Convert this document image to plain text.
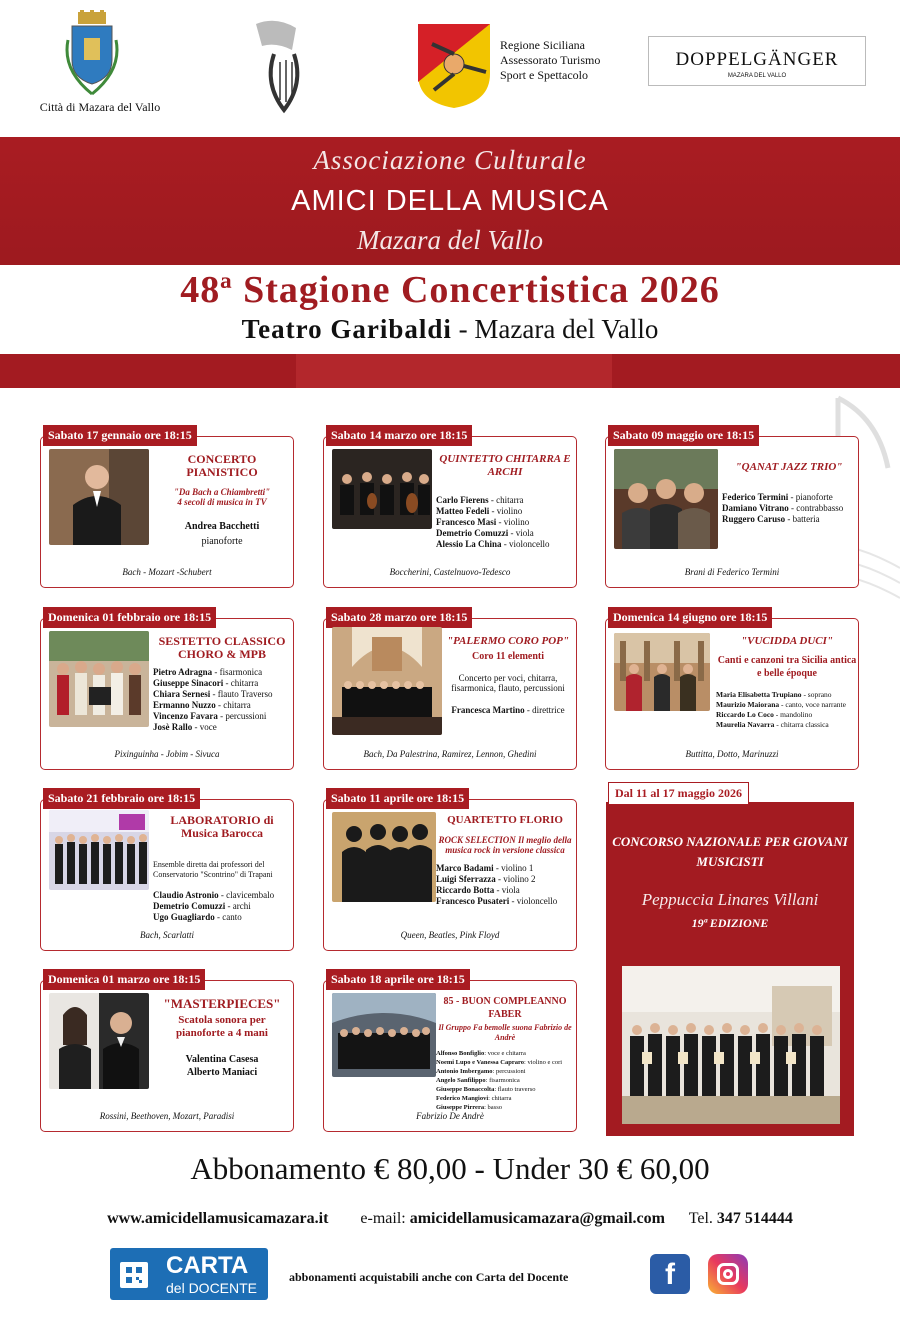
Città di Mazara del Vallo
Regione Siciliana
Assessorato Turismo
Sport e Spettacolo
DOPPELGÄNGER
MAZARA DEL VALLO
Associazione Culturale
AMICI DELLA MUSICA
Mazara del Vallo
48ª Stagione Concertistica 2026
Teatro Garibaldi - Mazara del Vallo
Sabato 17 gennaio ore 18:15
CONCERTO PIANISTICO
"Da Bach a Chiambretti"
4 secoli di musica in TV
Andrea Bacchetti
pianoforte
Bach - Mozart -Schubert
Domenica 01 febbraio ore 18:15
SESTETTO CLASSICO CHORO & MPB
Pietro Adragna - fisarmonica
Giuseppe Sinacori - chitarra
Chiara Sernesi - flauto Traverso
Ermanno Nuzzo - chitarra
Vincenzo Favara - percussioni
Josè Rallo - voce
Pixinguinha - Jobim - Sivuca
Sabato 21 febbraio ore 18:15
LABORATORIO di Musica Barocca
Ensemble diretta dai professori del Conservatorio "Scontrino" di Trapani
Claudio Astronio - clavicembalo
Demetrio Comuzzi - archi
Ugo Guagliardo - canto
Bach, Scarlatti
Domenica 01 marzo ore 18:15
"MASTERPIECES"
Scatola sonora per pianoforte a 4 mani
Valentina Casesa
Alberto Maniaci
Rossini, Beethoven, Mozart, Paradisi
Sabato 14 marzo ore 18:15
QUINTETTO CHITARRA E ARCHI
Carlo Fierens - chitarra
Matteo Fedeli - violino
Francesco Masi - violino
Demetrio Comuzzi - viola
Alessio La China - violoncello
Boccherini, Castelnuovo-Tedesco
Sabato 28 marzo ore 18:15
"PALERMO CORO POP"
Coro 11 elementi
Concerto per voci, chitarra, fisarmonica, flauto, percussioni
Francesca Martino - direttrice
Bach, Da Palestrina, Ramirez, Lennon, Ghedini
Sabato 11 aprile ore 18:15
QUARTETTO FLORIO
ROCK SELECTION Il meglio della musica rock in versione classica
Marco Badami - violino 1
Luigi Sferrazza - violino 2
Riccardo Botta - viola
Francesco Pusateri - violoncello
Queen, Beatles, Pink Floyd
Sabato 18 aprile ore 18:15
85 - BUON COMPLEANNO FABER
Il Gruppo Fa bemolle suona Fabrizio de Andrè
Alfonso Bonfiglio: voce e chitarra
Noemi Lupo e Vanessa Capraro: violino e cori
Antonio Imbergamo: percussioni
Angelo Sanfilippo: fisarmonica
Giuseppe Bonaccolta: flauto traverso
Federico Mangiovi: chitarra
Giuseppe Pirrera: basso
Fabrizio De Andrè
Sabato 09 maggio ore 18:15
"QANAT JAZZ TRIO"
Federico Termini - pianoforte
Damiano Vitrano - contrabbasso
Ruggero Caruso - batteria
Brani di Federico Termini
Domenica 14 giugno ore 18:15
"VUCIDDA DUCI"
Canti e canzoni tra Sicilia antica e belle époque
Maria Elisabetta Trupiano - soprano
Maurizio Maiorana - canto, voce narrante
Riccardo Lo Coco - mandolino
Maurelia Navarra - chitarra classica
Buttitta, Dotto, Marinuzzi
Dal 11 al 17 maggio 2026
CONCORSO NAZIONALE PER GIOVANI MUSICISTI
Peppuccia Linares Villani
19ª EDIZIONE
Abbonamento € 80,00 - Under 30 € 60,00
www.amicidellamusicamazara.it e-mail: amicidellamusicamazara@gmail.com Tel. 347 514444
CARTA
del DOCENTE
abbonamenti acquistabili anche con Carta del Docente	f
